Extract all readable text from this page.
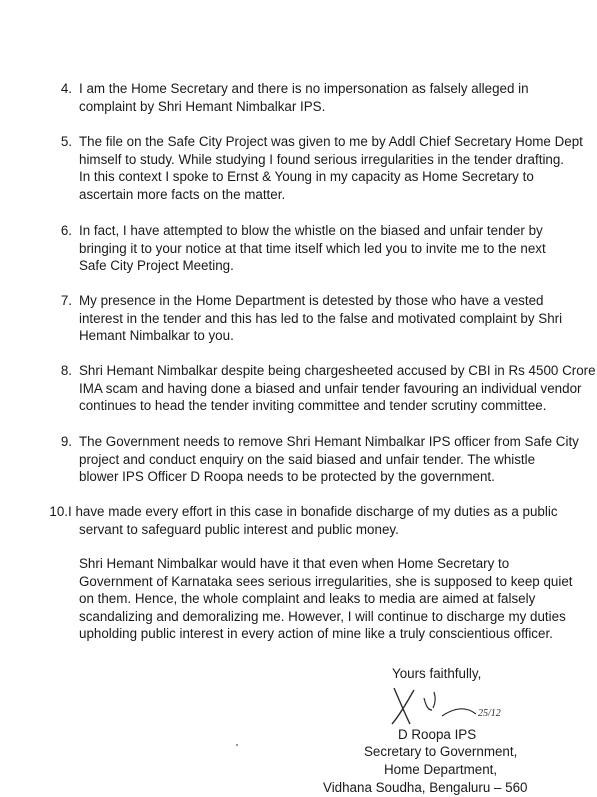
4. I am the Home Secretary and there is no impersonation as falsely alleged in
complaint by Shri Hemant Nimbalkar IPS.
5. The file on the Safe City Project was given to me by Addl Chief Secretary Home Dept
himself to study. While studying I found serious irregularities in the tender drafting.
In this context I spoke to Ernst & Young in my capacity as Home Secretary to
ascertain more facts on the matter.
6. In fact, I have attempted to blow the whistle on the biased and unfair tender by
bringing it to your notice at that time itself which led you to invite me to the next
Safe City Project Meeting.
7. My presence in the Home Department is detested by those who have a vested
interest in the tender and this has led to the false and motivated complaint by Shri
Hemant Nimbalkar to you.
8. Shri Hemant Nimbalkar despite being chargesheeted accused by CBI in Rs 4500 Crore
IMA scam and having done a biased and unfair tender favouring an individual vendor
continues to head the tender inviting committee and tender scrutiny committee.
9. The Government needs to remove Shri Hemant Nimbalkar IPS officer from Safe City
project and conduct enquiry on the said biased and unfair tender. The whistle
blower IPS Officer D Roopa needs to be protected by the government.
10. I have made every effort in this case in bonafide discharge of my duties as a public
servant to safeguard public interest and public money.
Shri Hemant Nimbalkar would have it that even when Home Secretary to
Government of Karnataka sees serious irregularities, she is supposed to keep quiet
on them. Hence, the whole complaint and leaks to media are aimed at falsely
scandalizing and demoralizing me. However, I will continue to discharge my duties
upholding public interest in every action of mine like a truly conscientious officer.
Yours faithfully,
25/12
D Roopa IPS
Secretary to Government,
Home Department,
Vidhana Soudha, Bengaluru – 560
